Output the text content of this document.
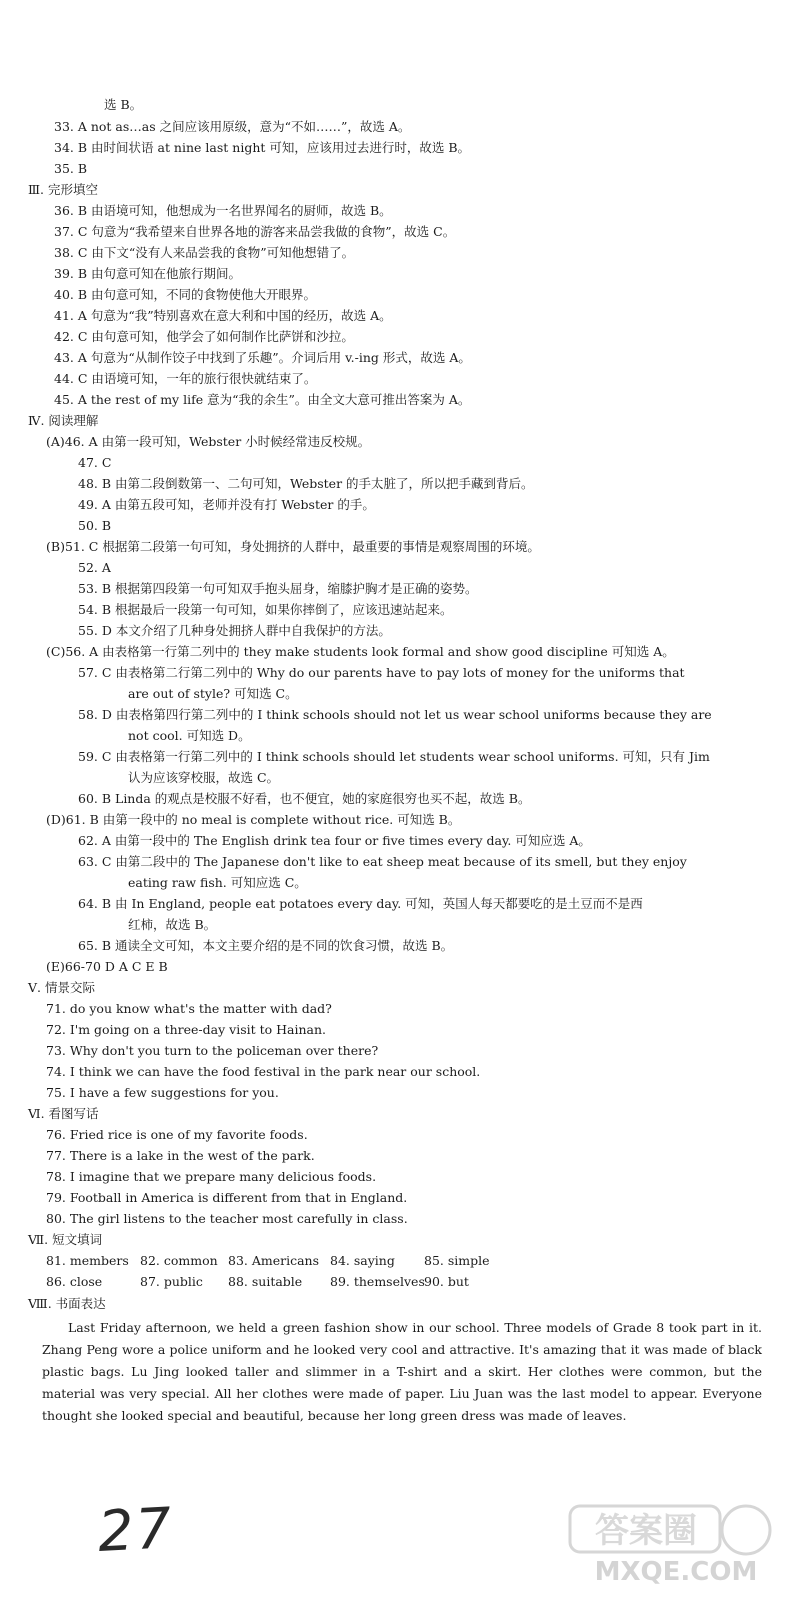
选 B。
33. A not as…as 之间应该用原级，意为“不如……”，故选 A。
34. B 由时间状语 at nine last night 可知，应该用过去进行时，故选 B。
35. B
Ⅲ. 完形填空
36. B 由语境可知，他想成为一名世界闻名的厨师，故选 B。
37. C 句意为“我希望来自世界各地的游客来品尝我做的食物”，故选 C。
38. C 由下文“没有人来品尝我的食物”可知他想错了。
39. B 由句意可知在他旅行期间。
40. B 由句意可知，不同的食物使他大开眼界。
41. A 句意为“我”特别喜欢在意大利和中国的经历，故选 A。
42. C 由句意可知，他学会了如何制作比萨饼和沙拉。
43. A 句意为“从制作饺子中找到了乐趣”。介词后用 v.-ing 形式，故选 A。
44. C 由语境可知，一年的旅行很快就结束了。
45. A the rest of my life 意为“我的余生”。由全文大意可推出答案为 A。
Ⅳ. 阅读理解
(A)46. A 由第一段可知，Webster 小时候经常违反校规。
47. C
48. B 由第二段倒数第一、二句可知，Webster 的手太脏了，所以把手藏到背后。
49. A 由第五段可知，老师并没有打 Webster 的手。
50. B
(B)51. C 根据第二段第一句可知，身处拥挤的人群中，最重要的事情是观察周围的环境。
52. A
53. B 根据第四段第一句可知双手抱头屈身，缩膝护胸才是正确的姿势。
54. B 根据最后一段第一句可知，如果你摔倒了，应该迅速站起来。
55. D 本文介绍了几种身处拥挤人群中自我保护的方法。
(C)56. A 由表格第一行第二列中的 they make students look formal and show good discipline 可知选 A。
57. C 由表格第二行第二列中的 Why do our parents have to pay lots of money for the uniforms that
are out of style? 可知选 C。
58. D 由表格第四行第二列中的 I think schools should not let us wear school uniforms because they are
not cool. 可知选 D。
59. C 由表格第一行第二列中的 I think schools should let students wear school uniforms. 可知，只有 Jim
认为应该穿校服，故选 C。
60. B Linda 的观点是校服不好看，也不便宜，她的家庭很穷也买不起，故选 B。
(D)61. B 由第一段中的 no meal is complete without rice. 可知选 B。
62. A 由第一段中的 The English drink tea four or five times every day. 可知应选 A。
63. C 由第二段中的 The Japanese don't like to eat sheep meat because of its smell, but they enjoy
eating raw fish. 可知应选 C。
64. B 由 In England, people eat potatoes every day. 可知，英国人每天都要吃的是土豆而不是西
红柿，故选 B。
65. B 通读全文可知，本文主要介绍的是不同的饮食习惯，故选 B。
(E)66-70 D A C E B
Ⅴ. 情景交际
71. do you know what's the matter with dad?
72. I'm going on a three-day visit to Hainan.
73. Why don't you turn to the policeman over there?
74. I think we can have the food festival in the park near our school.
75. I have a few suggestions for you.
Ⅵ. 看图写话
76. Fried rice is one of my favorite foods.
77. There is a lake in the west of the park.
78. I imagine that we prepare many delicious foods.
79. Football in America is different from that in England.
80. The girl listens to the teacher most carefully in class.
Ⅶ. 短文填词
81. members 82. common 83. Americans 84. saying 85. simple
86. close	87. public 88. suitable 89. themselves 90. but
Last Friday afternoon, we held a green fashion show in our school. Three models of Grade 8 took part in it. Zhang Peng wore a police uniform and he looked very cool and attractive. It's amazing that it was made of black plastic bags. Lu Jing looked taller and slimmer in a T-shirt and a skirt. Her clothes were common, but the material was very special. All her clothes were made of paper. Liu Juan was the last model to appear. Everyone thought she looked special and beautiful, because her long green dress was made of leaves.
Ⅷ. 书面表达
27	答案圈
MXQE.COM
